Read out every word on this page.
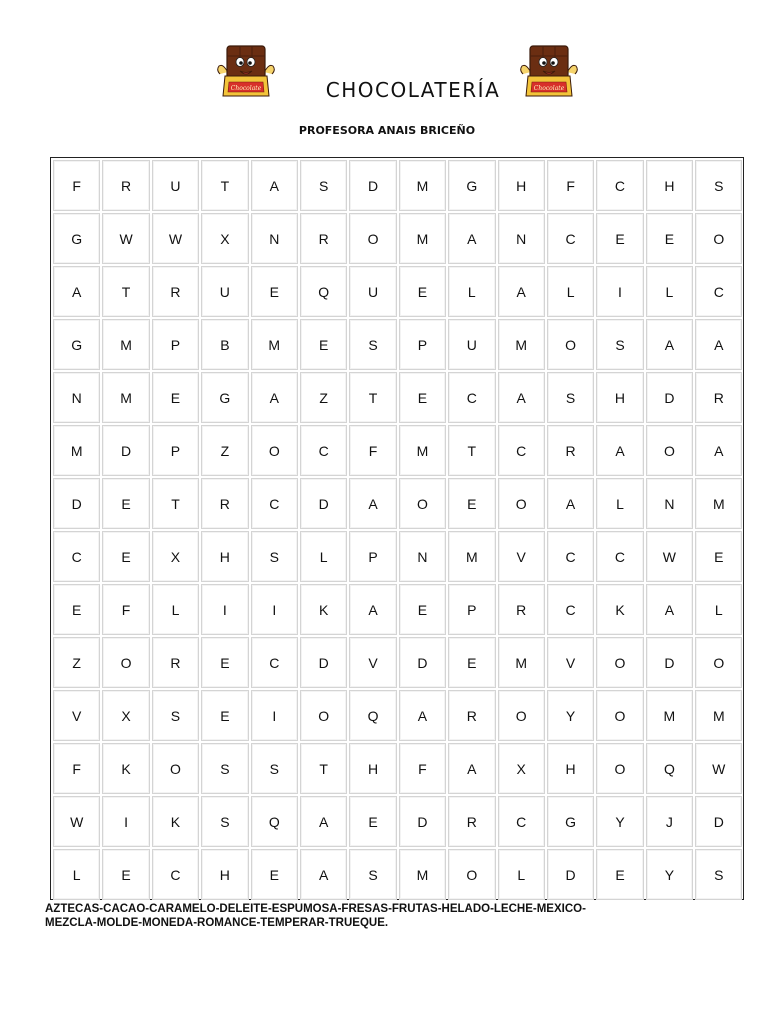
Chocolate	Chocolate
CHOCOLATERÍA
PROFESORA ANAIS BRICEÑO
F	R	U	T	A	S	D	M	G	H	F	C	H	S
G	W	W	X	N	R	O	M	A	N	C	E	E	O
A	T	R	U	E	Q	U	E	L	A	L	I	L	C
G	M	P	B	M	E	S	P	U	M	O	S	A	A
N	M	E	G	A	Z	T	E	C	A	S	H	D	R
M	D	P	Z	O	C	F	M	T	C	R	A	O	A
D	E	T	R	C	D	A	O	E	O	A	L	N	M
C	E	X	H	S	L	P	N	M	V	C	C	W	E
E	F	L	I	I	K	A	E	P	R	C	K	A	L
Z	O	R	E	C	D	V	D	E	M	V	O	D	O
V	X	S	E	I	O	Q	A	R	O	Y	O	M	M
F	K	O	S	S	T	H	F	A	X	H	O	Q	W
W	I	K	S	Q	A	E	D	R	C	G	Y	J	D
L	E	C	H	E	A	S	M	O	L	D	E	Y	S

AZTECAS-CACAO-CARAMELO-DELEITE-ESPUMOSA-FRESAS-FRUTAS-HELADO-LECHE-MEXICO-
MEZCLA-MOLDE-MONEDA-ROMANCE-TEMPERAR-TRUEQUE.
